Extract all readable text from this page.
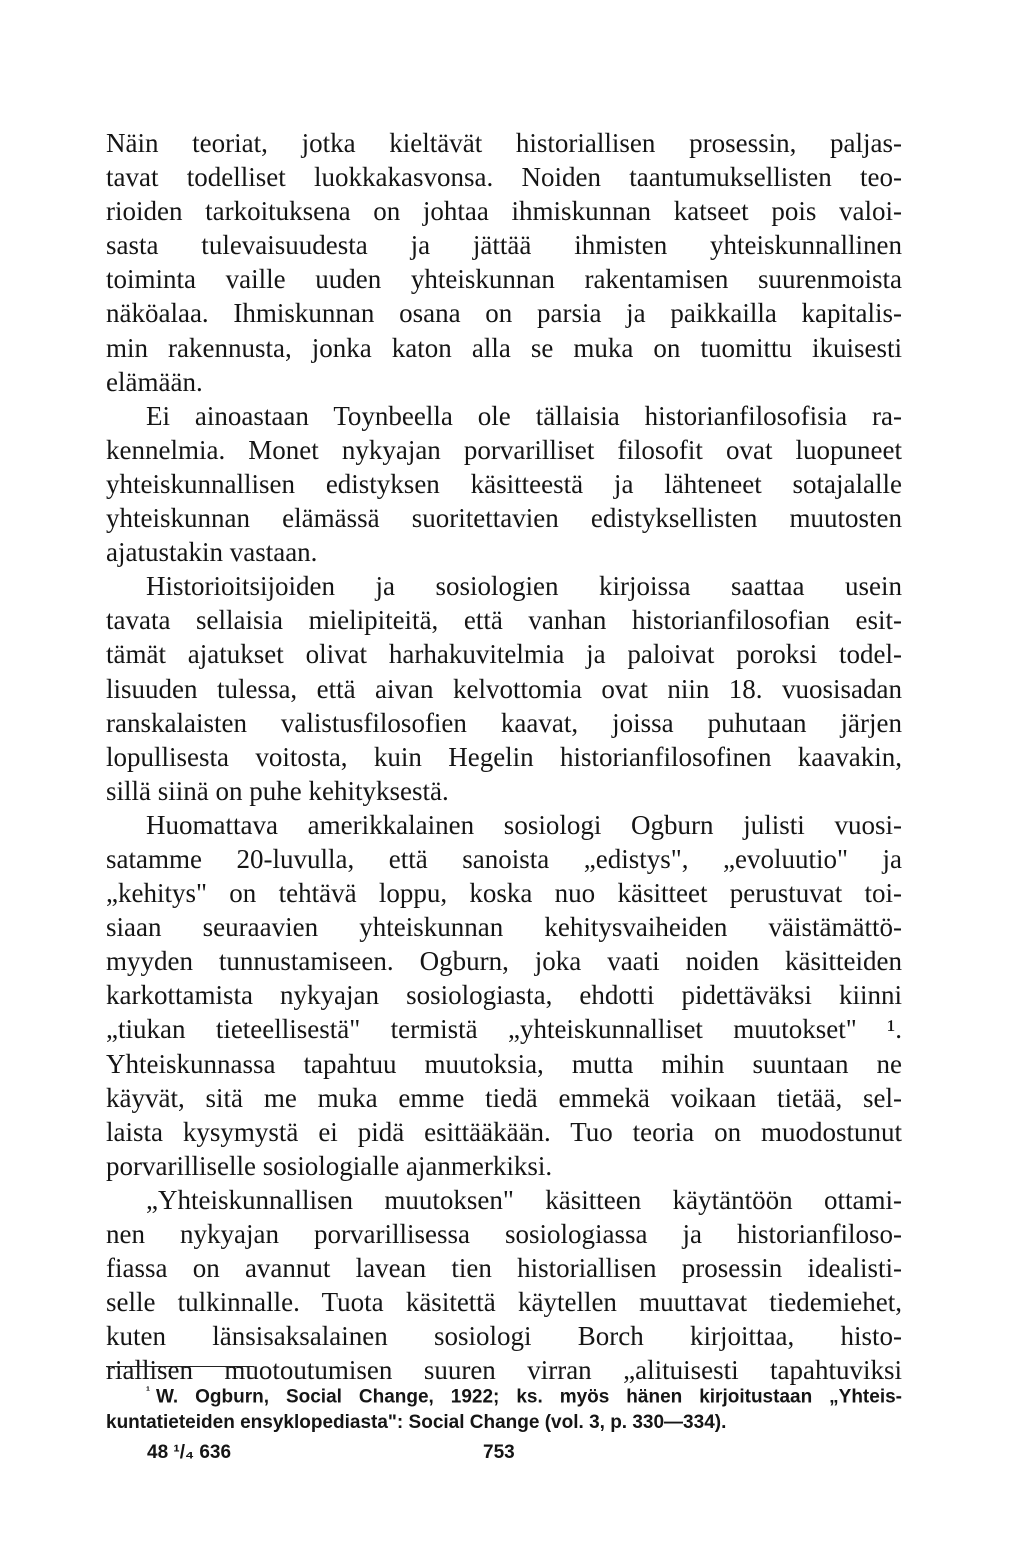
Näin teoriat, jotka kieltävät historiallisen prosessin, paljas-
tavat todelliset luokkakasvonsa. Noiden taantumuksellisten teo-
rioiden tarkoituksena on johtaa ihmiskunnan katseet pois valoi-
sasta tulevaisuudesta ja jättää ihmisten yhteiskunnallinen
toiminta vaille uuden yhteiskunnan rakentamisen suurenmoista
näköalaa. Ihmiskunnan osana on parsia ja paikkailla kapitalis-
min rakennusta, jonka katon alla se muka on tuomittu ikuisesti
elämään.

Ei ainoastaan Toynbeella ole tällaisia historianfilosofisia ra-
kennelmia. Monet nykyajan porvarilliset filosofit ovat luopuneet
yhteiskunnallisen edistyksen käsitteestä ja lähteneet sotajalalle
yhteiskunnan elämässä suoritettavien edistyksellisten muutosten
ajatustakin vastaan.

Historioitsijoiden ja sosiologien kirjoissa saattaa usein
tavata sellaisia mielipiteitä, että vanhan historianfilosofian esit-
tämät ajatukset olivat harhakuvitelmia ja paloivat poroksi todel-
lisuuden tulessa, että aivan kelvottomia ovat niin 18. vuosisadan
ranskalaisten valistusfilosofien kaavat, joissa puhutaan järjen
lopullisesta voitosta, kuin Hegelin historianfilosofinen kaavakin,
sillä siinä on puhe kehityksestä.

Huomattava amerikkalainen sosiologi Ogburn julisti vuosi-
satamme 20-luvulla, että sanoista „edistys", „evoluutio" ja
„kehitys" on tehtävä loppu, koska nuo käsitteet perustuvat toi-
siaan seuraavien yhteiskunnan kehitysvaiheiden väistämättö-
myyden tunnustamiseen. Ogburn, joka vaati noiden käsitteiden
karkottamista nykyajan sosiologiasta, ehdotti pidettäväksi kiinni
„tiukan tieteellisestä" termistä „yhteiskunnalliset muutokset" ¹.
Yhteiskunnassa tapahtuu muutoksia, mutta mihin suuntaan ne
käyvät, sitä me muka emme tiedä emmekä voikaan tietää, sel-
laista kysymystä ei pidä esittääkään. Tuo teoria on muodostunut
porvarilliselle sosiologialle ajanmerkiksi.

„Yhteiskunnallisen muutoksen" käsitteen käytäntöön ottami-
nen nykyajan porvarillisessa sosiologiassa ja historianfiloso-
fiassa on avannut lavean tien historiallisen prosessin idealisti-
selle tulkinnalle. Tuota käsitettä käytellen muuttavat tiedemiehet,
kuten länsisaksalainen sosiologi Borch kirjoittaa, histo-
riallisen muotoutumisen suuren virran „alituisesti tapahtuviksi

$^{^1}$ W. Ogburn, Social Change, 1922; ks. myös hänen kirjoitustaan „Yhteis-
kuntatieteiden ensyklopediasta": Social Change (vol. 3, p. 330—334).
48 ¹/₄ 636	753
